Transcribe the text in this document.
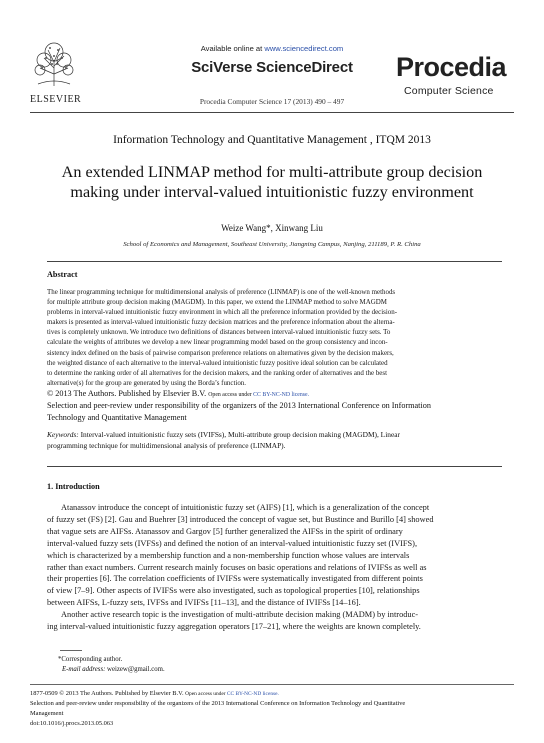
ELSEVIER
Available online at www.sciencedirect.com
SciVerse ScienceDirect
Procedia Computer Science 17 (2013) 490 – 497
Procedia
Computer Science
Information Technology and Quantitative Management , ITQM 2013
An extended LINMAP method for multi-attribute group decision
making under interval-valued intuitionistic fuzzy environment
Weize Wang*, Xinwang Liu
School of Economics and Management, Southeast University, Jiangning Campus, Nanjing, 211189, P. R. China
Abstract

The linear programming technique for multidimensional analysis of preference (LINMAP) is one of the well-known methods

for multiple attribute group decision making (MAGDM). In this paper, we extend the LINMAP method to solve MAGDM

problems in interval-valued intuitionistic fuzzy environment in which all the preference information provided by the decision-

makers is presented as interval-valued intuitionistic fuzzy decision matrices and the preference information about the alterna-

tives is completely unknown. We introduce two definitions of distances between interval-valued intuitionistic fuzzy sets. To

calculate the weights of attributes we develop a new linear programming model based on the group consistency and incon-

sistency index defined on the basis of pairwise comparison preference relations on alternatives given by the decision makers,

the weighted distance of each alternative to the interval-valued intuitionistic fuzzy positive ideal solution can be calculated

to determine the ranking order of all alternatives for the decision makers, and the ranking order of alternatives and the best

alternative(s) for the group are generated by using the Borda’s function.

© 2013 The Authors. Published by Elsevier B.V. Open access under CC BY-NC-ND license.
Selection and peer-review under responsibility of the organizers of the 2013 International Conference on Information
Technology and Quantitative Management
Keywords: Interval-valued intuitionistic fuzzy sets (IVIFSs), Multi-attribute group decision making (MAGDM), Linear
programming technique for multidimensional analysis of preference (LINMAP).
1. Introduction

Atanassov introduce the concept of intuitionistic fuzzy set (AIFS) [1], which is a generalization of the concept

of fuzzy set (FS) [2]. Gau and Buehrer [3] introduced the concept of vague set, but Bustince and Burillo [4] showed

that vague sets are AIFSs. Atanassov and Gargov [5] further generalized the AIFSs in the spirit of ordinary

interval-valued fuzzy sets (IVFSs) and defined the notion of an interval-valued intuitionistic fuzzy set (IVIFS),

which is characterized by a membership function and a non-membership function whose values are intervals

rather than exact numbers. Current research mainly focuses on basic operations and relations of IVIFSs as well as

their properties [6]. The correlation coefficients of IVIFSs were systematically investigated from different points

of view [7–9]. Other aspects of IVIFSs were also investigated, such as topological properties [10], relationships

between AIFSs, L-fuzzy sets, IVFSs and IVIFSs [11–13], and the distance of IVIFSs [14–16].

Another active research topic is the investigation of multi-attribute decision making (MADM) by introduc-

ing interval-valued intuitionistic fuzzy aggregation operators [17–21], where the weights are known completely.

*Corresponding author.
E-mail address: weizew@gmail.com.
1877-0509 © 2013 The Authors. Published by Elsevier B.V. Open access under CC BY-NC-ND license.
Selection and peer-review under responsibility of the organizers of the 2013 International Conference on Information Technology and Quantitative
Management
doi:10.1016/j.procs.2013.05.063
